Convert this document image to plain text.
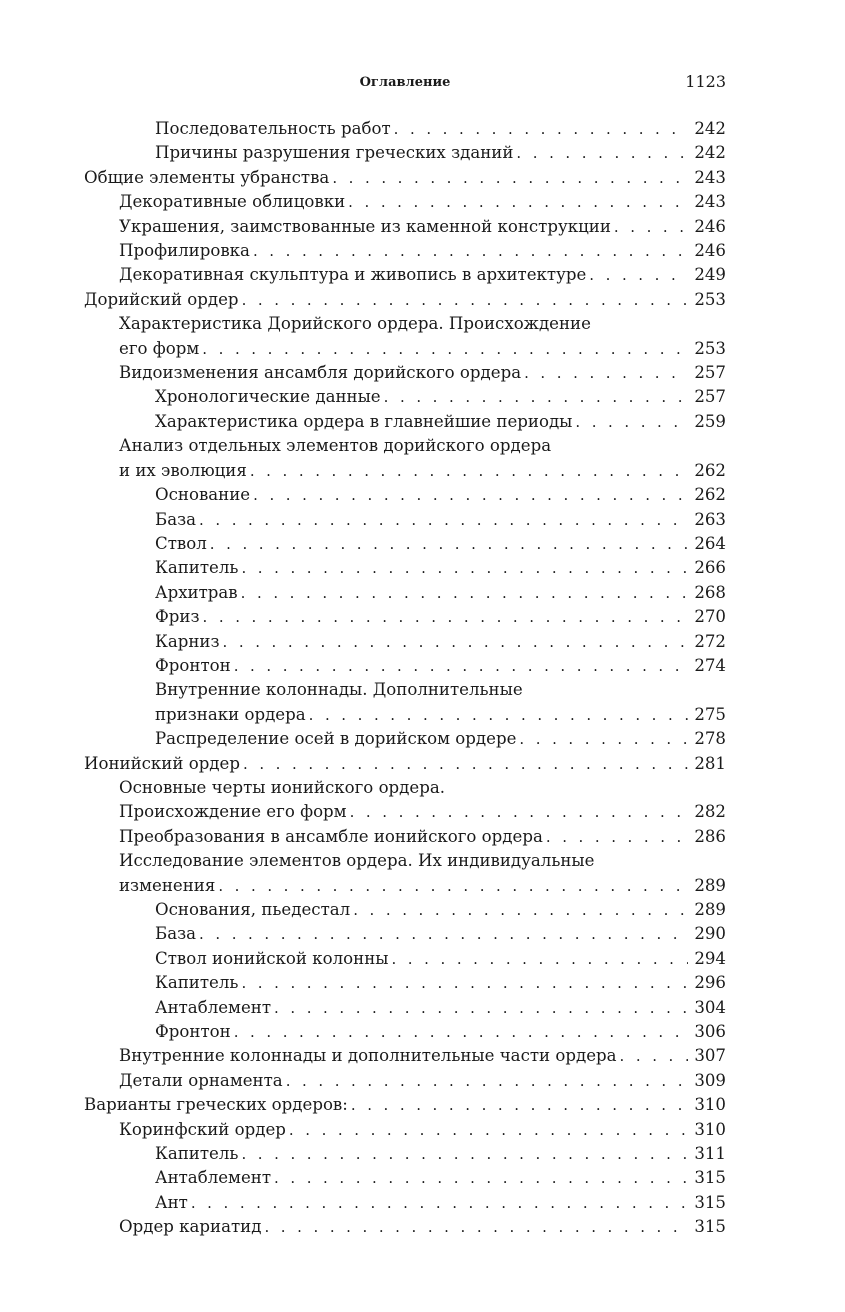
Оглавление	1123
Последовательность работ . . .	242
Причины разрушения греческих зданий . . .	242
Общие элементы убранства . . .	243
Декоративные облицовки . . .	243
Украшения, заимствованные из каменной конструкции . . .	246
Профилировка . . .	246
Декоративная скульптура и живопись в архитектуре . . .	249
Дорийский ордер . . .	253
Характеристика Дорийского ордера. Происхождение
его форм . . .	253
Видоизменения ансамбля дорийского ордера . . .	257
Хронологические данные . . .	257
Характеристика ордера в главнейшие периоды . . .	259
Анализ отдельных элементов дорийского ордера
и их эволюция . . .	262
Основание . . .	262
База . . .	263
Ствол . . .	264
Капитель . . .	266
Архитрав . . .	268
Фриз . . .	270
Карниз . . .	272
Фронтон . . .	274
Внутренние колоннады. Дополнительные
признаки ордера . . .	275
Распределение осей в дорийском ордере . . .	278
Ионийский ордер . . .	281
Основные черты ионийского ордера.
Происхождение его форм . . .	282
Преобразования в ансамбле ионийского ордера . . .	286
Исследование элементов ордера. Их индивидуальные
изменения . . .	289
Основания, пьедестал . . .	289
База . . .	290
Ствол ионийской колонны . . .	294
Капитель . . .	296
Антаблемент . . .	304
Фронтон . . .	306
Внутренние колоннады и дополнительные части ордера . . .	307
Детали орнамента . . .	309
Варианты греческих ордеров: . . .	310
Коринфский ордер . . .	310
Капитель . . .	311
Антаблемент . . .	315
Ант . . .	315
Ордер кариатид . . .	315
